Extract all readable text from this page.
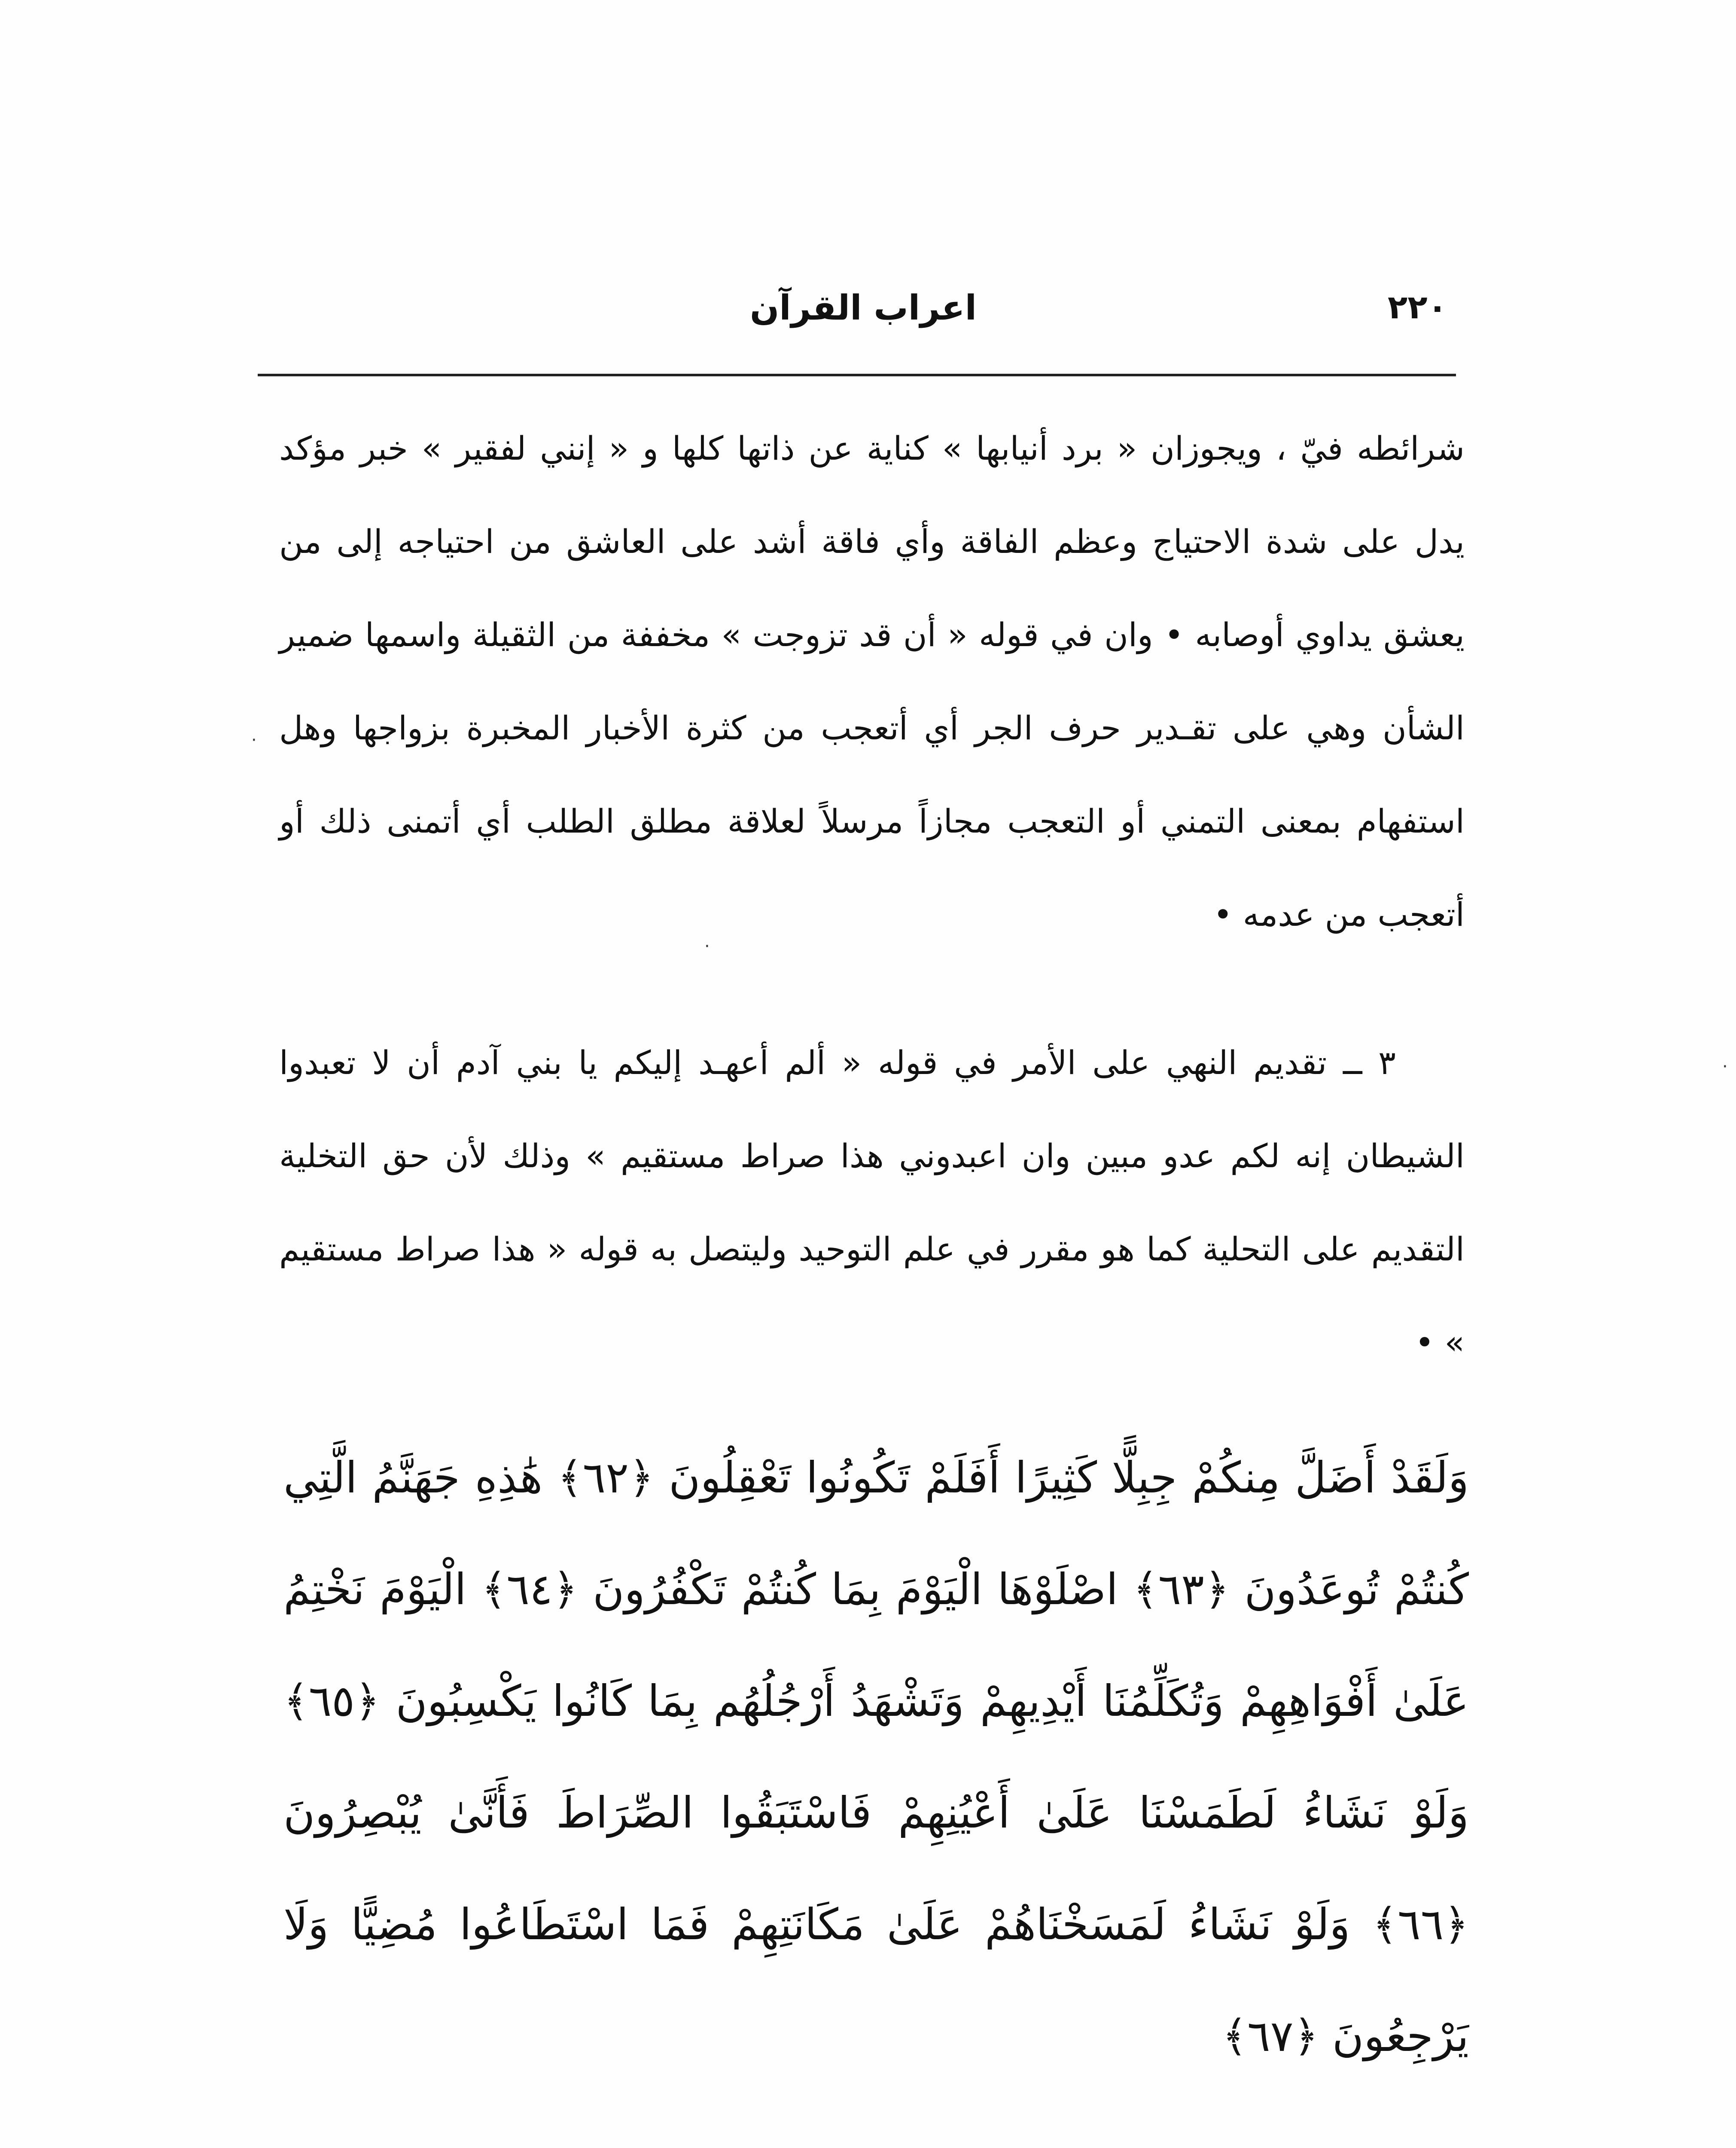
٢٢٠
اعراب القرآن

شرائطه فيّ ، ويجوزان « برد أنيابها » كناية عن ذاتها كلها و « إنني لفقير » خبر مؤكد يدل على شدة الاحتياج وعظم الفاقة وأي فاقة أشد على العاشق من احتياجه إلى من يعشق يداوي أوصابه • وان في قوله « أن قد تزوجت » مخففة من الثقيلة واسمها ضمير الشأن وهي على تقـدير حرف الجر أي أتعجب من كثرة الأخبار المخبرة بزواجها وهل استفهام بمعنى التمني أو التعجب مجازاً مرسلاً لعلاقة مطلق الطلب أي أتمنى ذلك أو أتعجب من عدمه •

٣ ــ تقديم النهي على الأمر في قوله « ألم أعهـد إليكم يا بني آدم أن لا تعبدوا الشيطان إنه لكم عدو مبين وان اعبدوني هذا صراط مستقيم » وذلك لأن حق التخلية التقديم على التحلية كما هو مقرر في علم التوحيد وليتصل به قوله « هذا صراط مستقيم » •

وَلَقَدْ أَضَلَّ مِنكُمْ جِبِلًّا كَثِيرًا أَفَلَمْ تَكُونُوا تَعْقِلُونَ ﴿٦٢﴾ هَٰذِهِ جَهَنَّمُ الَّتِي كُنتُمْ تُوعَدُونَ ﴿٦٣﴾ اصْلَوْهَا الْيَوْمَ بِمَا كُنتُمْ تَكْفُرُونَ ﴿٦٤﴾ الْيَوْمَ نَخْتِمُ عَلَىٰ أَفْوَاهِهِمْ وَتُكَلِّمُنَا أَيْدِيهِمْ وَتَشْهَدُ أَرْجُلُهُم بِمَا كَانُوا يَكْسِبُونَ ﴿٦٥﴾ وَلَوْ نَشَاءُ لَطَمَسْنَا عَلَىٰ أَعْيُنِهِمْ فَاسْتَبَقُوا الصِّرَاطَ فَأَنَّىٰ يُبْصِرُونَ ﴿٦٦﴾ وَلَوْ نَشَاءُ لَمَسَخْنَاهُمْ عَلَىٰ مَكَانَتِهِمْ فَمَا اسْتَطَاعُوا مُضِيًّا وَلَا يَرْجِعُونَ ﴿٦٧﴾

·
·
·
